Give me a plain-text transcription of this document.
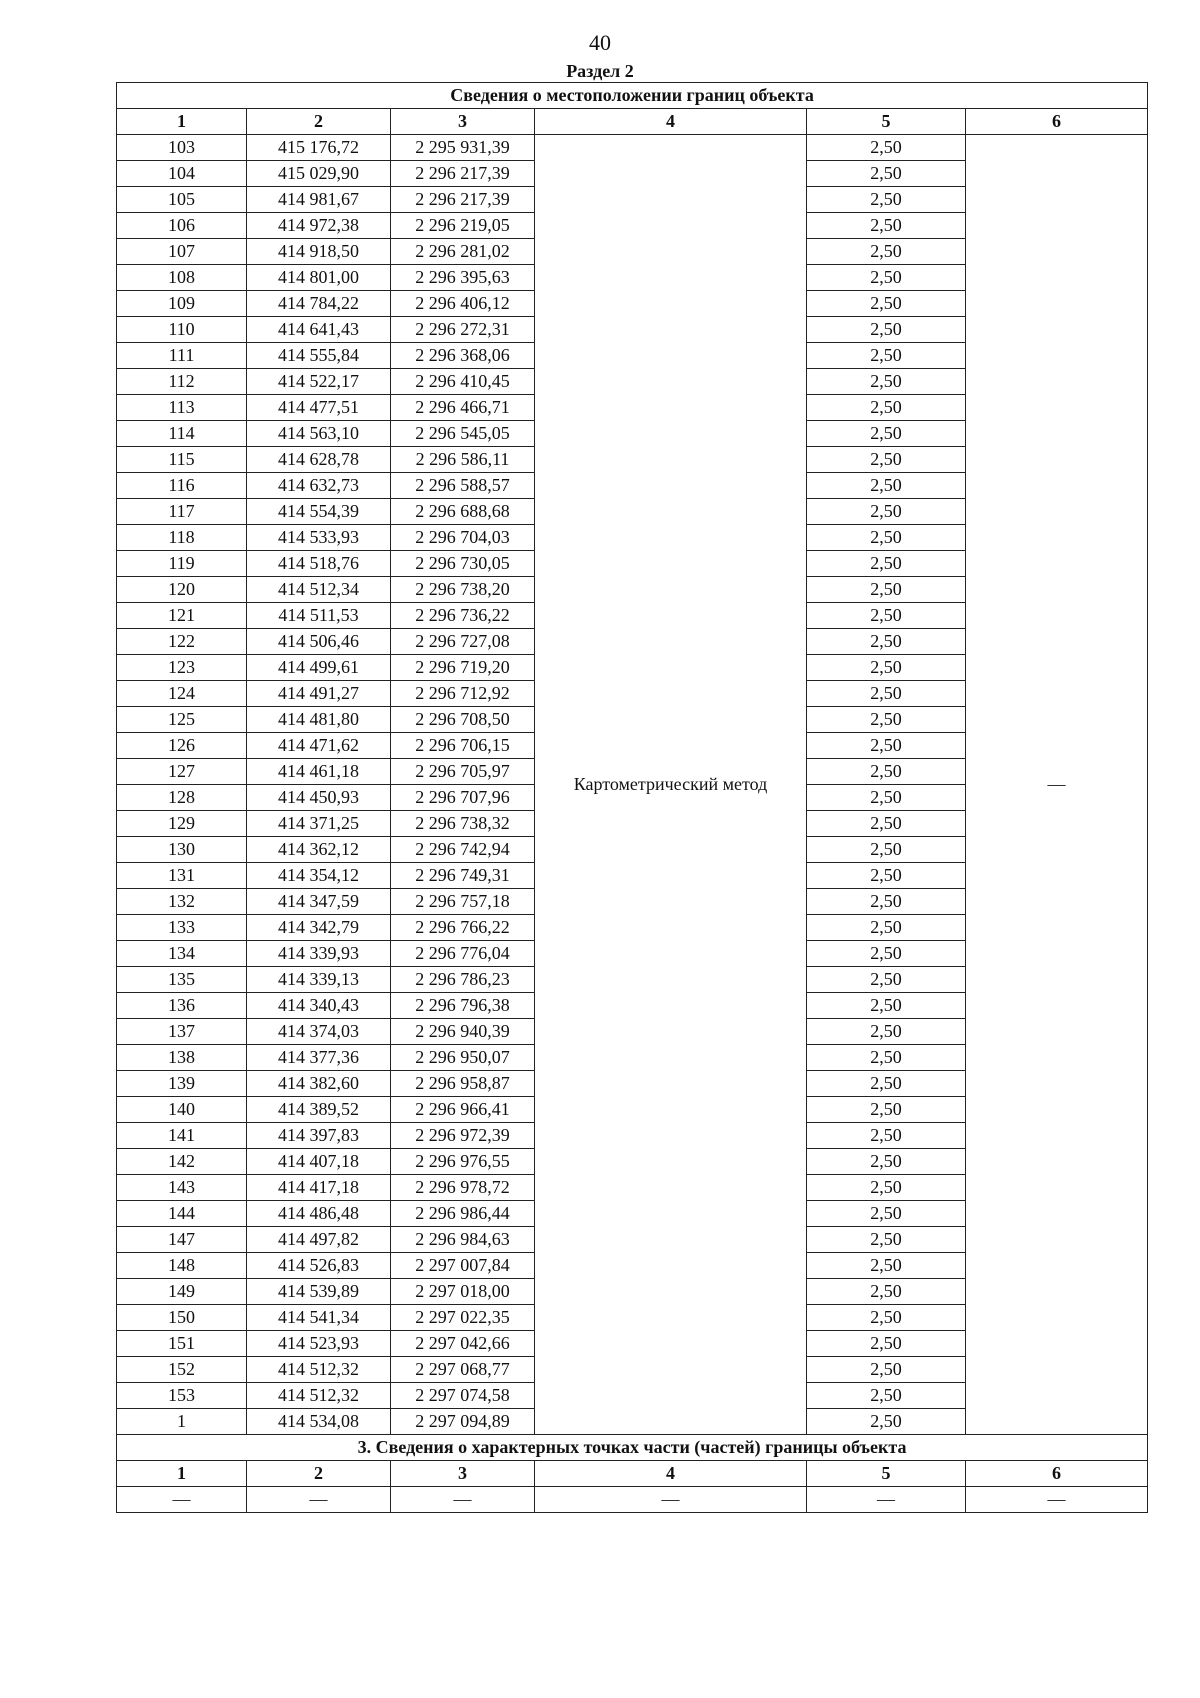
40
Раздел 2
Сведения о местоположении границ объекта					
1	2	3	4	5	6
103	415 176,72	2 295 931,39	Картометрический метод	2,50	—
104	415 029,90	2 296 217,39		2,50	
105	414 981,67	2 296 217,39		2,50	
106	414 972,38	2 296 219,05		2,50	
107	414 918,50	2 296 281,02		2,50	
108	414 801,00	2 296 395,63		2,50	
109	414 784,22	2 296 406,12		2,50	
110	414 641,43	2 296 272,31		2,50	
111	414 555,84	2 296 368,06		2,50	
112	414 522,17	2 296 410,45		2,50	
113	414 477,51	2 296 466,71		2,50	
114	414 563,10	2 296 545,05		2,50	
115	414 628,78	2 296 586,11		2,50	
116	414 632,73	2 296 588,57		2,50	
117	414 554,39	2 296 688,68		2,50	
118	414 533,93	2 296 704,03		2,50	
119	414 518,76	2 296 730,05		2,50	
120	414 512,34	2 296 738,20		2,50	
121	414 511,53	2 296 736,22		2,50	
122	414 506,46	2 296 727,08		2,50	
123	414 499,61	2 296 719,20		2,50	
124	414 491,27	2 296 712,92		2,50	
125	414 481,80	2 296 708,50		2,50	
126	414 471,62	2 296 706,15		2,50	
127	414 461,18	2 296 705,97		2,50	
128	414 450,93	2 296 707,96		2,50	
129	414 371,25	2 296 738,32		2,50	
130	414 362,12	2 296 742,94		2,50	
131	414 354,12	2 296 749,31		2,50	
132	414 347,59	2 296 757,18		2,50	
133	414 342,79	2 296 766,22		2,50	
134	414 339,93	2 296 776,04		2,50	
135	414 339,13	2 296 786,23		2,50	
136	414 340,43	2 296 796,38		2,50	
137	414 374,03	2 296 940,39		2,50	
138	414 377,36	2 296 950,07		2,50	
139	414 382,60	2 296 958,87		2,50	
140	414 389,52	2 296 966,41		2,50	
141	414 397,83	2 296 972,39		2,50	
142	414 407,18	2 296 976,55		2,50	
143	414 417,18	2 296 978,72		2,50	
144	414 486,48	2 296 986,44		2,50	
147	414 497,82	2 296 984,63		2,50	
148	414 526,83	2 297 007,84		2,50	
149	414 539,89	2 297 018,00		2,50	
150	414 541,34	2 297 022,35		2,50	
151	414 523,93	2 297 042,66		2,50	
152	414 512,32	2 297 068,77		2,50	
153	414 512,32	2 297 074,58		2,50	
1	414 534,08	2 297 094,89		2,50	
3. Сведения о характерных точках части (частей) границы объекта					
1	2	3	4	5	6
—	—	—	—	—	—
